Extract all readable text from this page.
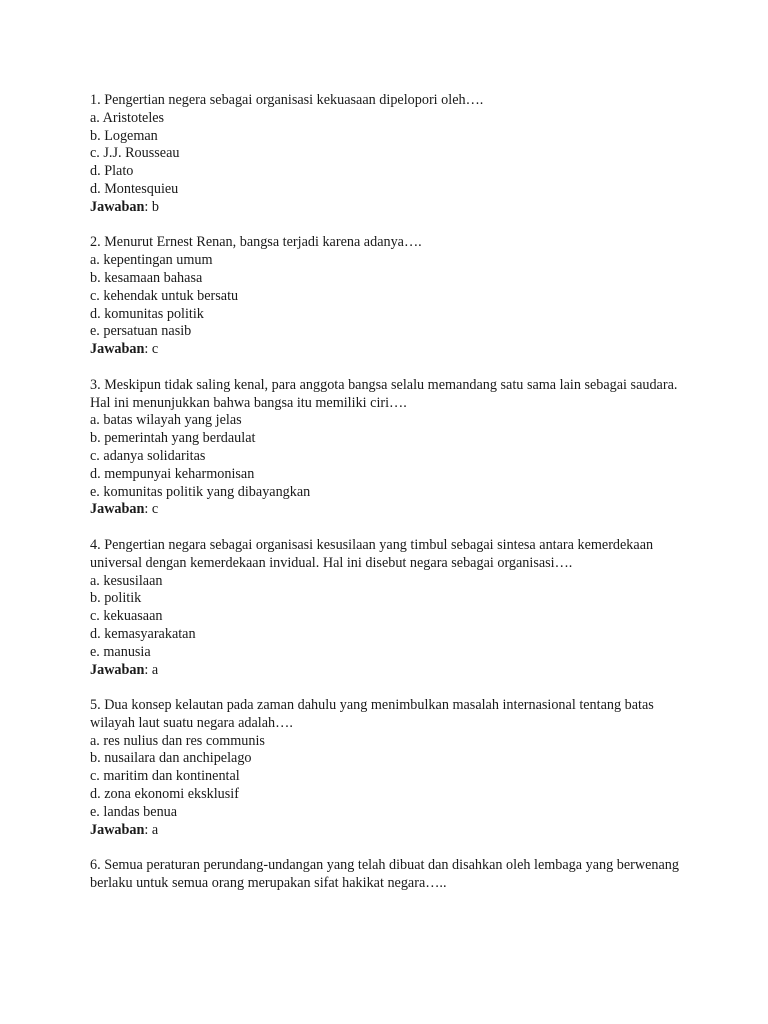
1. Pengertian negera sebagai organisasi kekuasaan dipelopori oleh….
a. Aristoteles
b. Logeman
c. J.J. Rousseau
d. Plato
d. Montesquieu
Jawaban: b
2. Menurut Ernest Renan, bangsa terjadi karena adanya….
a. kepentingan umum
b. kesamaan bahasa
c. kehendak untuk bersatu
d. komunitas politik
e. persatuan nasib
Jawaban: c
3. Meskipun tidak saling kenal, para anggota bangsa selalu memandang satu sama lain sebagai saudara. Hal ini menunjukkan bahwa bangsa itu memiliki ciri….
a. batas wilayah yang jelas
b. pemerintah yang berdaulat
c. adanya solidaritas
d. mempunyai keharmonisan
e. komunitas politik yang dibayangkan
Jawaban: c
4. Pengertian negara sebagai organisasi kesusilaan yang timbul sebagai sintesa antara kemerdekaan universal dengan kemerdekaan invidual. Hal ini disebut negara sebagai organisasi….
a. kesusilaan
b. politik
c. kekuasaan
d. kemasyarakatan
e. manusia
Jawaban: a
5. Dua konsep kelautan pada zaman dahulu yang menimbulkan masalah internasional tentang batas wilayah laut suatu negara adalah….
a. res nulius dan res communis
b. nusailara dan anchipelago
c. maritim dan kontinental
d. zona ekonomi eksklusif
e. landas benua
Jawaban: a
6. Semua peraturan perundang-undangan yang telah dibuat dan disahkan oleh lembaga yang berwenang berlaku untuk semua orang merupakan sifat hakikat negara…..
